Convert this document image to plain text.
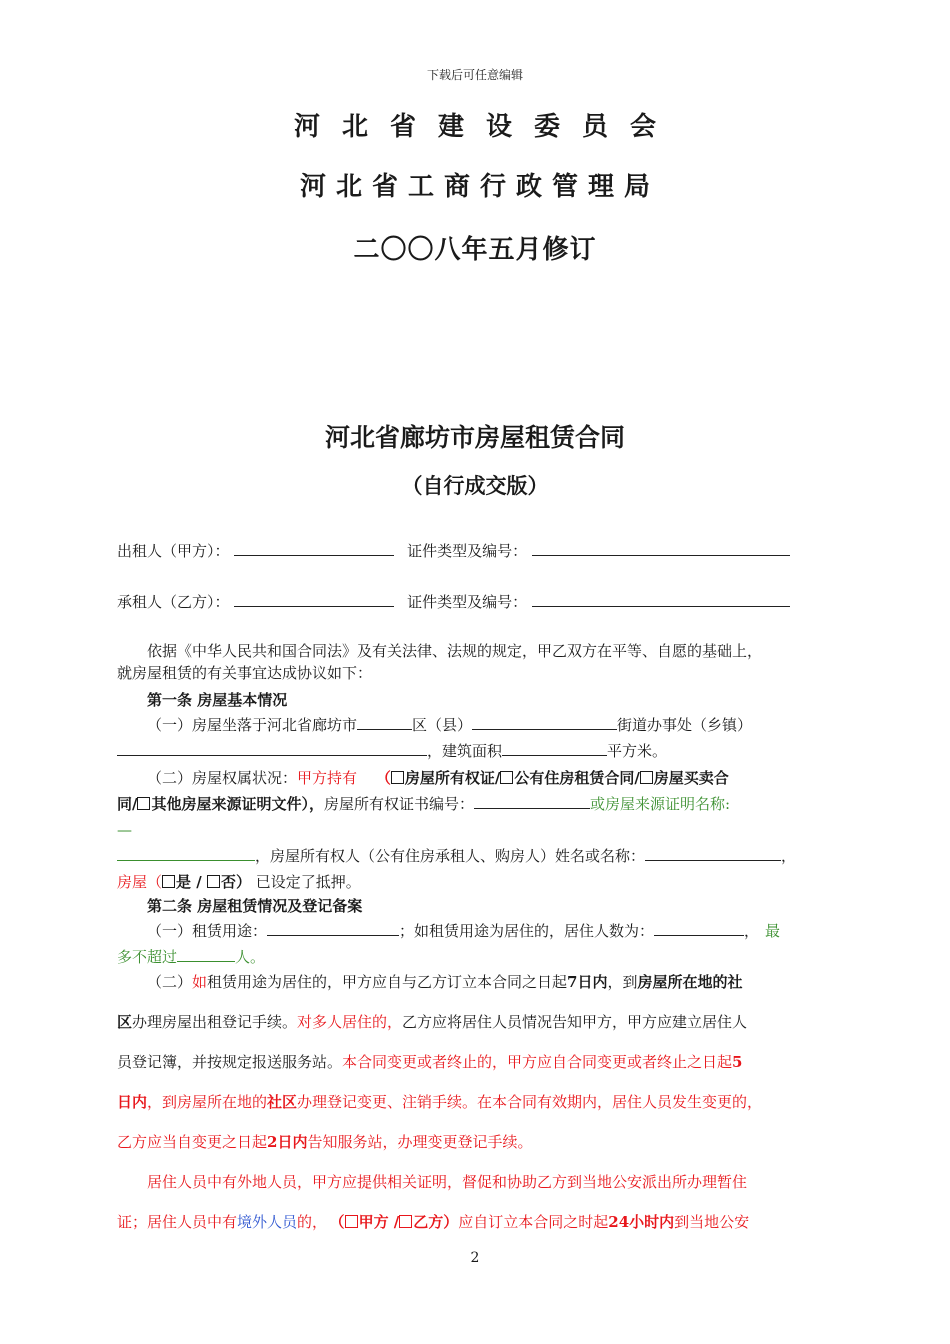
下载后可任意编辑
河北省建设委员会
河北省工商行政管理局
二〇〇八年五月修订
河北省廊坊市房屋租赁合同
（自行成交版）
出租人（甲方）：	证件类型及编号：
承租人（乙方）：	证件类型及编号：
依据《中华人民共和国合同法》及有关法律、法规的规定，甲乙双方在平等、自愿的基础上，
就房屋租赁的有关事宜达成协议如下：
第一条 房屋基本情况
（一）房屋坐落于河北省廊坊市	区（县）	街道办事处（乡镇）
，建筑面积	平方米。
（二）房屋权属状况：甲方持有 （ 房屋所有权证/ 公有住房租赁合同/ 房屋买卖合
同/ 其他房屋来源证明文件），房屋所有权证书编号：	或房屋来源证明名称:
—
，房屋所有权人（公有住房承租人、购房人）姓名或名称：	，
房屋（ 是 / 否） 已设定了抵押。
第二条 房屋租赁情况及登记备案
（一）租赁用途：	；如租赁用途为居住的，居住人数为：	， 最
多不超过	人。
（二）如租赁用途为居住的，甲方应自与乙方订立本合同之日起7日内，到房屋所在地的社
区办理房屋出租登记手续。对多人居住的，乙方应将居住人员情况告知甲方，甲方应建立居住人
员登记簿，并按规定报送服务站。本合同变更或者终止的，甲方应自合同变更或者终止之日起5
日内，到房屋所在地的社区办理登记变更、注销手续。在本合同有效期内，居住人员发生变更的，
乙方应当自变更之日起2日内告知服务站，办理变更登记手续。
居住人员中有外地人员，甲方应提供相关证明，督促和协助乙方到当地公安派出所办理暂住
证；居住人员中有境外人员的， （ 甲方 / 乙方）应自订立本合同之时起24小时内到当地公安
2
